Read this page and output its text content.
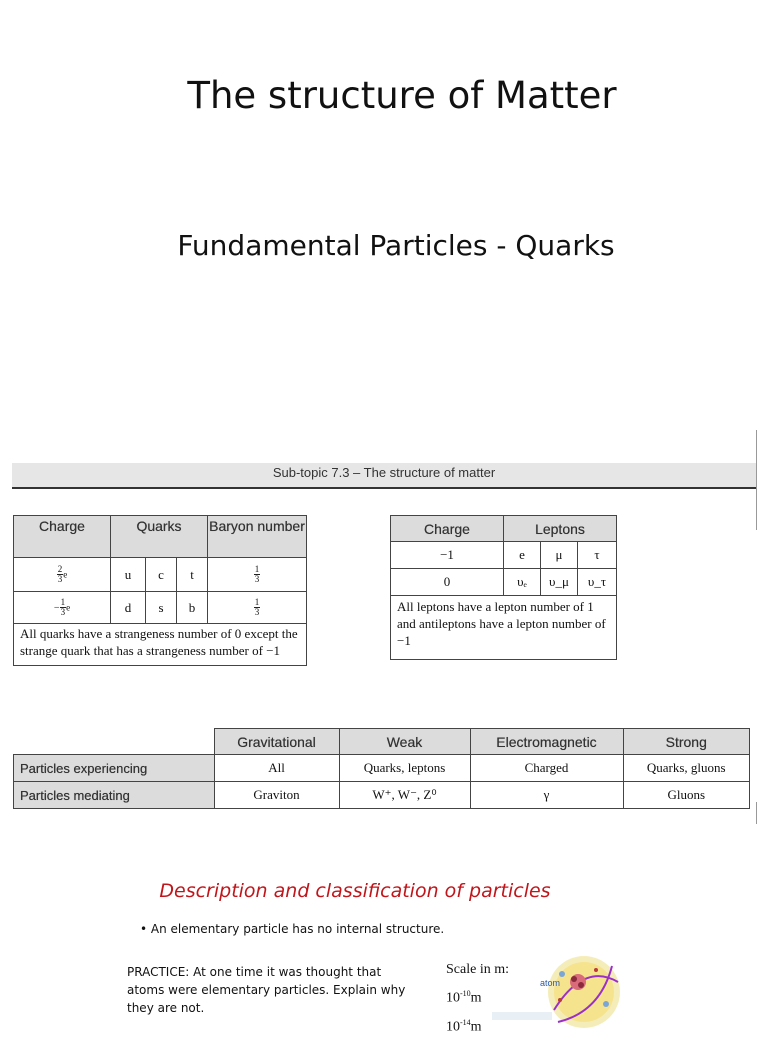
The structure of Matter
Fundamental Particles - Quarks
Sub-topic 7.3 – The structure of matter
Charge	Quarks			Baryon number

$\frac{2}{3}$ e	u	c	t	$\frac{1}{3}$

− $\frac{1}{3}$ e	d	s	b	$\frac{1}{3}$

All quarks have a strangeness number of 0 except the strange quark that has a strangeness number of −1				
Charge	Leptons		
−1	e	μ	τ
0	υₑ	υ_μ	υ_τ
All leptons have a lepton number of 1 and antileptons have a lepton number of −1			
	Gravitational	Weak	Electromagnetic	Strong
Particles experiencing	All	Quarks, leptons	Charged	Quarks, gluons
Particles mediating	Graviton	W⁺, W⁻, Z⁰	γ	Gluons
Description and classification of particles
• An elementary particle has no internal structure.
PRACTICE: At one time it was thought that atoms were elementary particles. Explain why they are not.
Scale in m:
$10^{-10}m$
$10^{-14}m$
atom
